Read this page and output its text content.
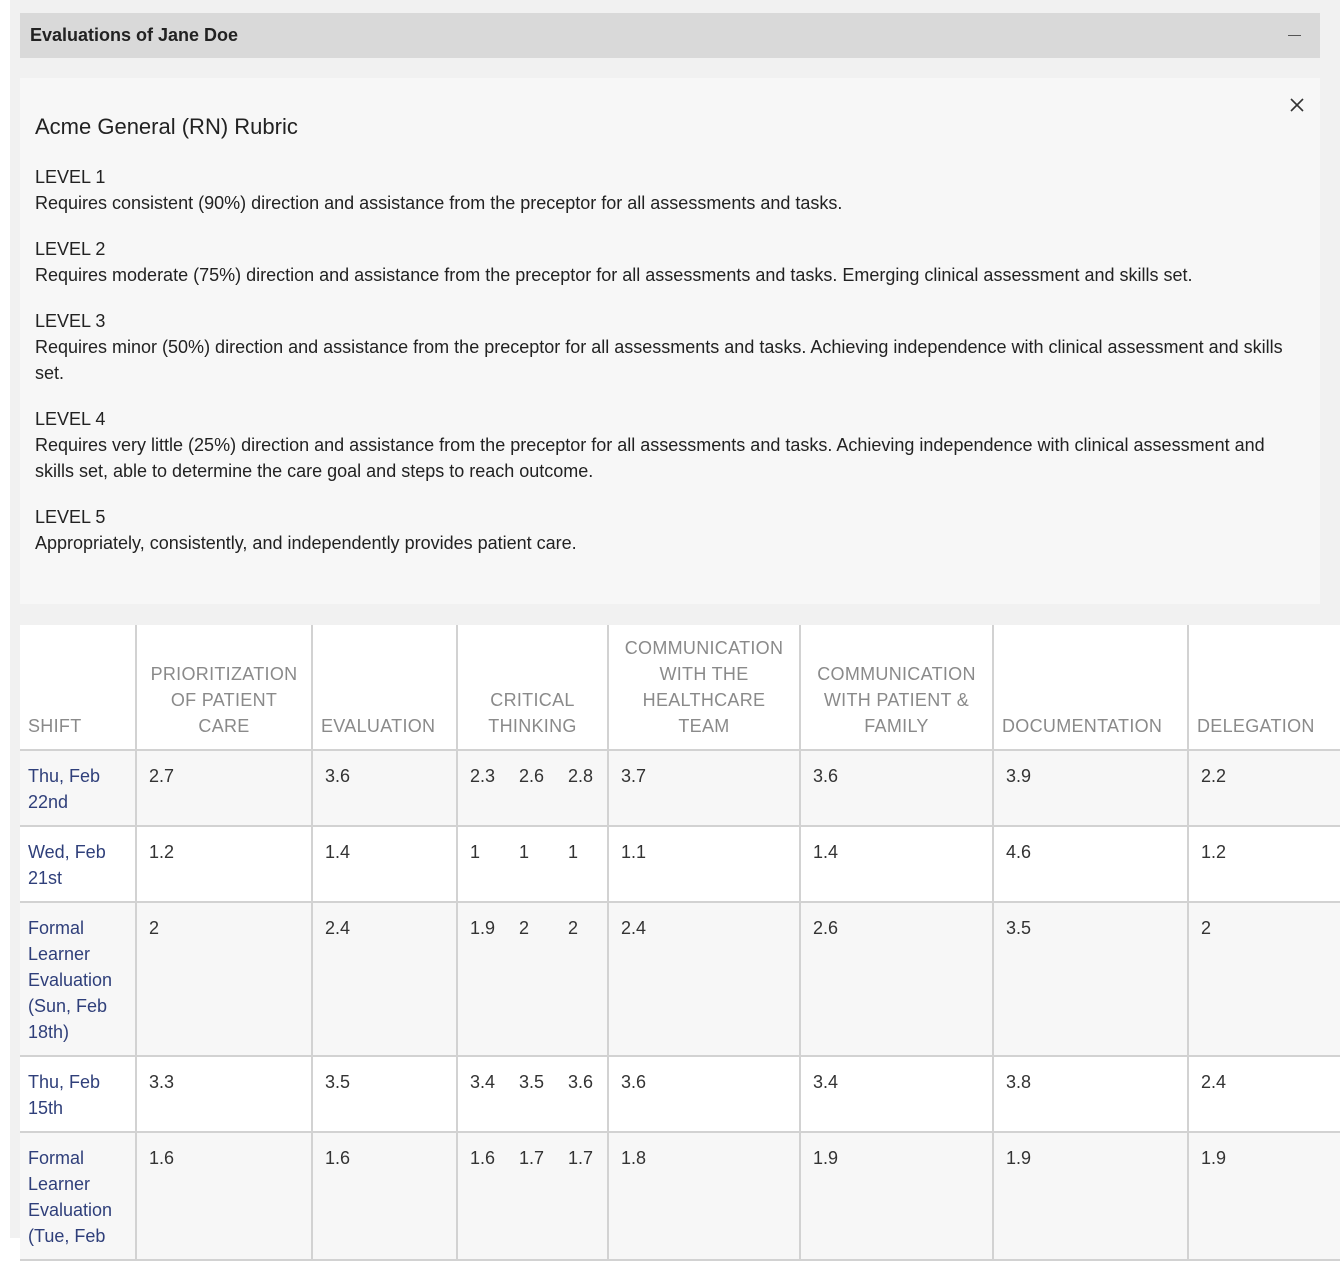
Evaluations of Jane Doe
Acme General (RN) Rubric
LEVEL 1
Requires consistent (90%) direction and assistance from the preceptor for all assessments and tasks.
LEVEL 2
Requires moderate (75%) direction and assistance from the preceptor for all assessments and tasks. Emerging clinical assessment and skills set.
LEVEL 3
Requires minor (50%) direction and assistance from the preceptor for all assessments and tasks. Achieving independence with clinical assessment and skills set.
LEVEL 4
Requires very little (25%) direction and assistance from the preceptor for all assessments and tasks. Achieving independence with clinical assessment and skills set, able to determine the care goal and steps to reach outcome.
LEVEL 5
Appropriately, consistently, and independently provides patient care.
SHIFT	PRIORITIZATION OF PATIENT CARE	EVALUATION	CRITICAL THINKING	COMMUNICATION WITH THE HEALTHCARE TEAM	COMMUNICATION WITH PATIENT & FAMILY	DOCUMENTATION	DELEGATION
Thu, Feb 22nd	2.7	3.6	2.3 2.6 2.8	3.7	3.6	3.9	2.2
Wed, Feb 21st	1.2	1.4	1 1 1	1.1	1.4	4.6	1.2
Formal Learner Evaluation (Sun, Feb 18th)	2	2.4	1.9 2 2	2.4	2.6	3.5	2
Thu, Feb 15th	3.3	3.5	3.4 3.5 3.6	3.6	3.4	3.8	2.4
Formal Learner Evaluation (Tue, Feb	1.6	1.6	1.6 1.7 1.7	1.8	1.9	1.9	1.9
